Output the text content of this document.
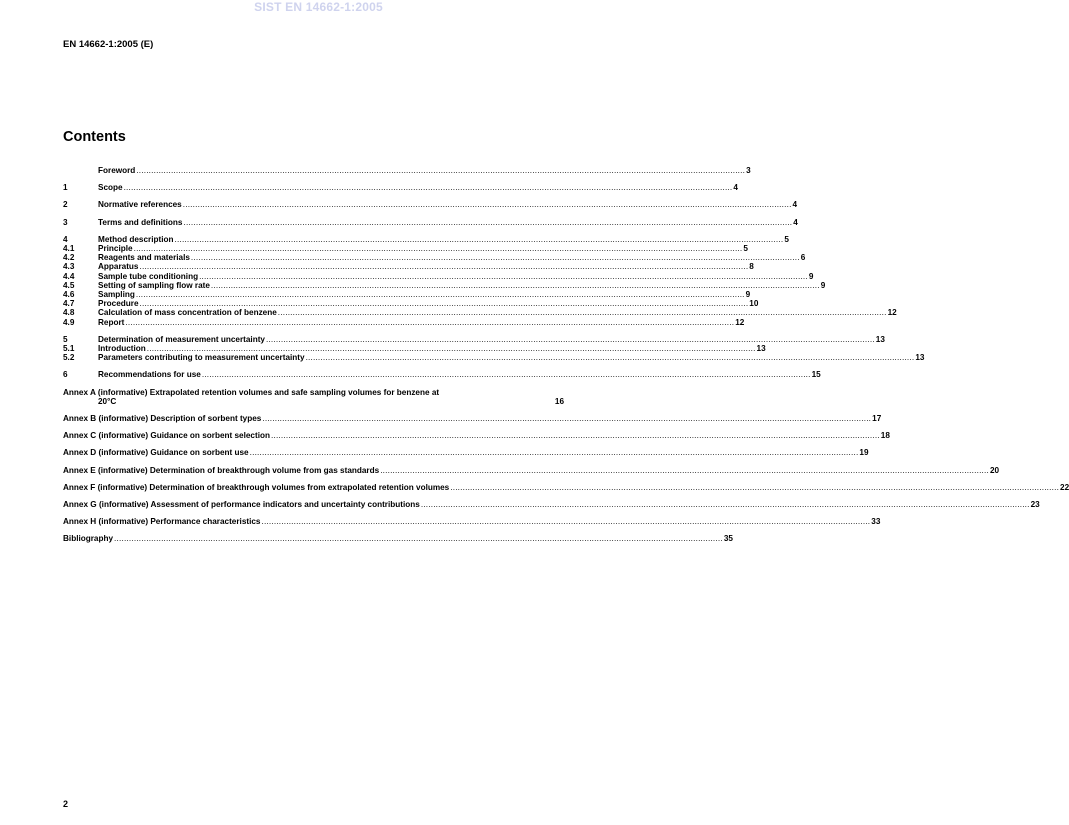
SIST EN 14662-1:2005
EN 14662-1:2005 (E)
Contents
Foreword .....	3
1	Scope .....	4
2	Normative references .....	4
3	Terms and definitions .....	4
4	Method description .....	5
4.1	Principle .....	5
4.2	Reagents and materials .....	6
4.3	Apparatus .....	8
4.4	Sample tube conditioning .....	9
4.5	Setting of sampling flow rate .....	9
4.6	Sampling .....	9
4.7	Procedure .....	10
4.8	Calculation of mass concentration of benzene .....	12
4.9	Report .....	12
5	Determination of measurement uncertainty .....	13
5.1	Introduction .....	13
5.2	Parameters contributing to measurement uncertainty .....	13
6	Recommendations for use .....	15
Annex A (informative) Extrapolated retention volumes and safe sampling volumes for benzene at
20°C	16
Annex B (informative) Description of sorbent types .....	17
Annex C (informative) Guidance on sorbent selection .....	18
Annex D (informative) Guidance on sorbent use .....	19
Annex E (informative) Determination of breakthrough volume from gas standards .....	20
Annex F (informative) Determination of breakthrough volumes from extrapolated retention volumes .....	22
Annex G (informative) Assessment of performance indicators and uncertainty contributions .....	23
Annex H (informative) Performance characteristics .....	33
Bibliography .....	35
2
